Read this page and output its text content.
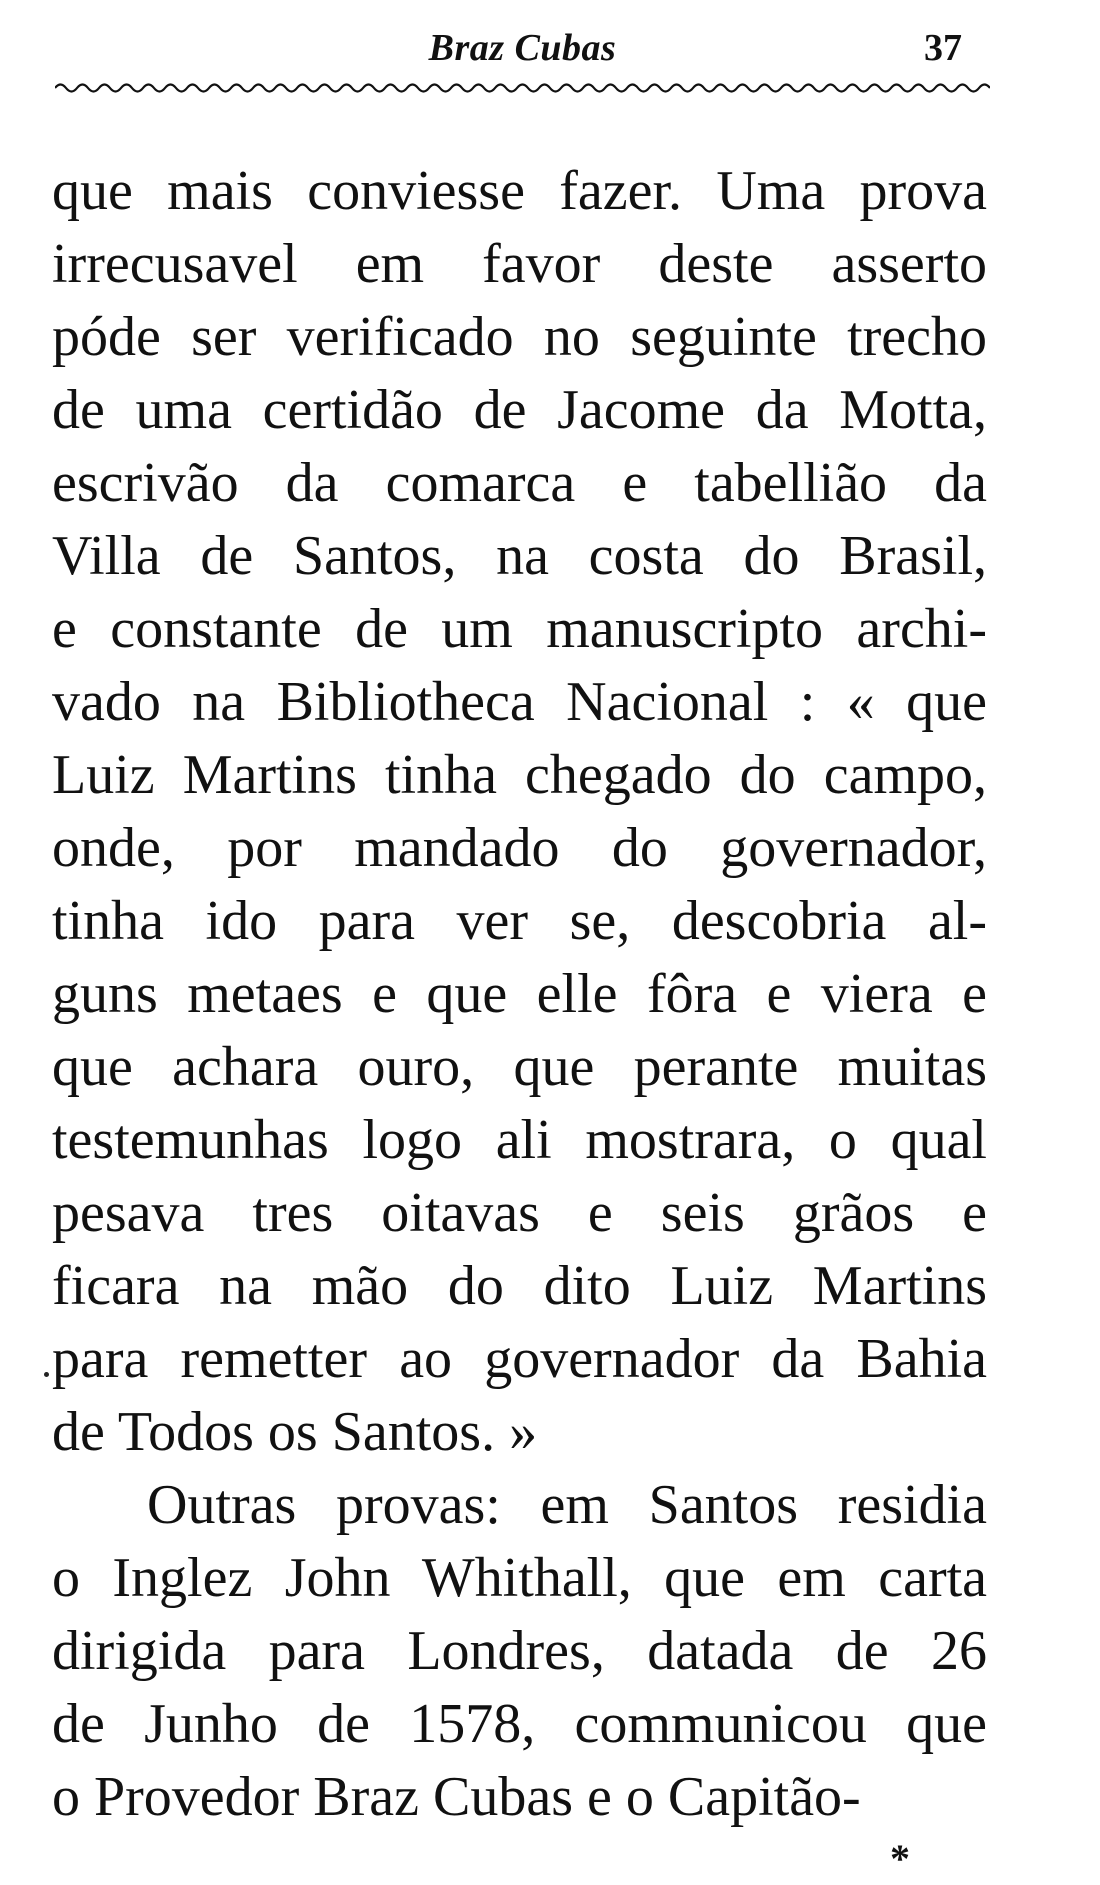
Braz Cubas	37
que mais conviesse fazer. Uma prova
irrecusavel em favor deste asserto
póde ser verificado no seguinte trecho
de uma certidão de Jacome da Motta,
escrivão da comarca e tabellião da
Villa de Santos, na costa do Brasil,
e constante de um manuscripto archi-
vado na Bibliotheca Nacional : « que
Luiz Martins tinha chegado do campo,
onde, por mandado do governador,
tinha ido para ver se, descobria al-
guns metaes e que elle fôra e viera e
que achara ouro, que perante muitas
testemunhas logo ali mostrara, o qual
pesava tres oitavas e seis grãos e
ficara na mão do dito Luiz Martins
para remetter ao governador da Bahia
de Todos os Santos. »
Outras provas: em Santos residia
o Inglez John Whithall, que em carta
dirigida para Londres, datada de 26
de Junho de 1578, communicou que
o Provedor Braz Cubas e o Capitão-
*
